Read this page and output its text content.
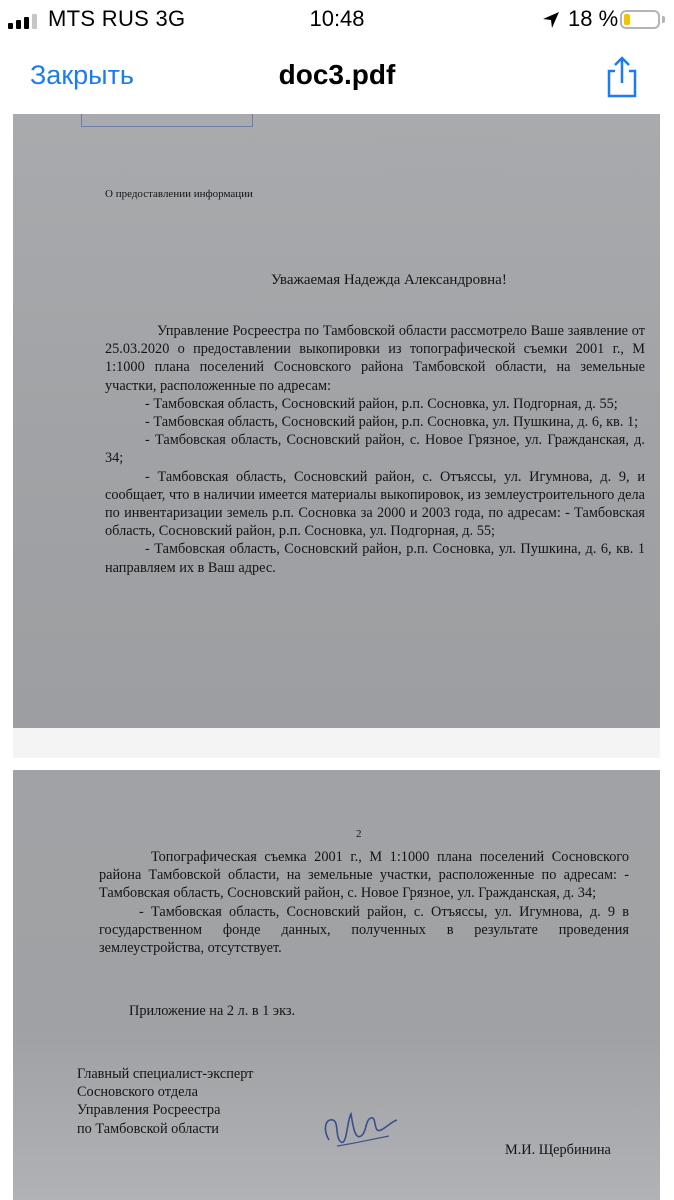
MTS RUS 3G	10:48	18 %
Закрыть	doc3.pdf
О предоставлении информации
Уважаемая Надежда Александровна!

Управление Росреестра по Тамбовской области рассмотрело Ваше заявление от 25.03.2020 о предоставлении выкопировки из топографической съемки 2001 г., М 1:1000 плана поселений Сосновского района Тамбовской области, на земельные участки, расположенные по адресам:

- Тамбовская область, Сосновский район, р.п. Сосновка, ул. Подгорная, д. 55;

- Тамбовская область, Сосновский район, р.п. Сосновка, ул. Пушкина, д. 6, кв. 1;

- Тамбовская область, Сосновский район, с. Новое Грязное, ул. Гражданская, д. 34;

- Тамбовская область, Сосновский район, с. Отъяссы, ул. Игумнова, д. 9, и сообщает, что в наличии имеется материалы выкопировок, из землеустроительного дела по инвентаризации земель р.п. Сосновка за 2000 и 2003 года, по адресам: - Тамбовская область, Сосновский район, р.п. Сосновка, ул. Подгорная, д. 55;

- Тамбовская область, Сосновский район, р.п. Сосновка, ул. Пушкина, д. 6, кв. 1 направляем их в Ваш адрес.

2

Топографическая съемка 2001 г., М 1:1000 плана поселений Сосновского района Тамбовской области, на земельные участки, расположенные по адресам: - Тамбовская область, Сосновский район, с. Новое Грязное, ул. Гражданская, д. 34;

- Тамбовская область, Сосновский район, с. Отъяссы, ул. Игумнова, д. 9 в государственном фонде данных, полученных в результате проведения землеустройства, отсутствует.

Приложение на 2 л. в 1 экз.
Главный специалист-эксперт
Сосновского отдела
Управления Росреестра
по Тамбовской области
М.И. Щербинина
